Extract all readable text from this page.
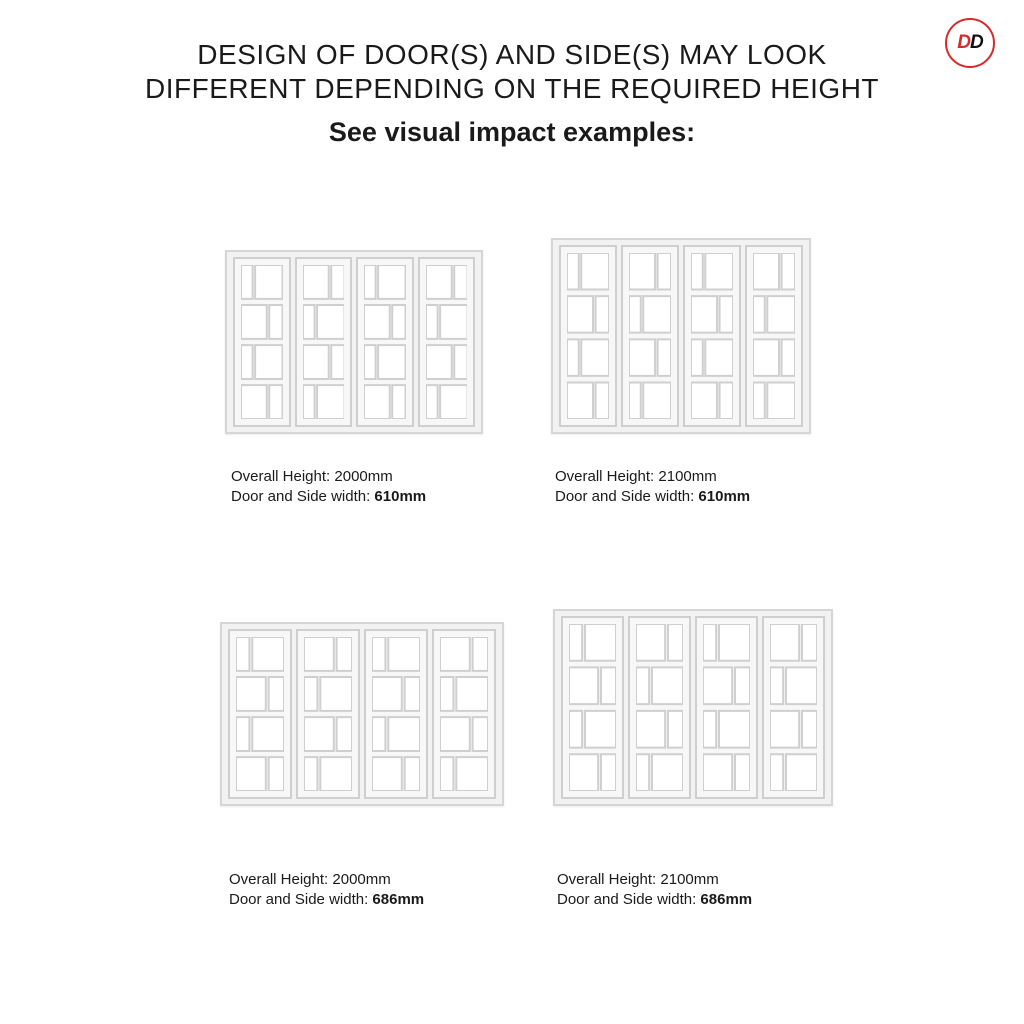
DESIGN OF DOOR(S) AND SIDE(S) MAY LOOK
DIFFERENT DEPENDING ON THE REQUIRED HEIGHT
See visual impact examples:
D D
Overall Height: 2000mm
Door and Side width: 610mm
Overall Height: 2100mm
Door and Side width: 610mm
Overall Height: 2000mm
Door and Side width: 686mm
Overall Height: 2100mm
Door and Side width: 686mm
